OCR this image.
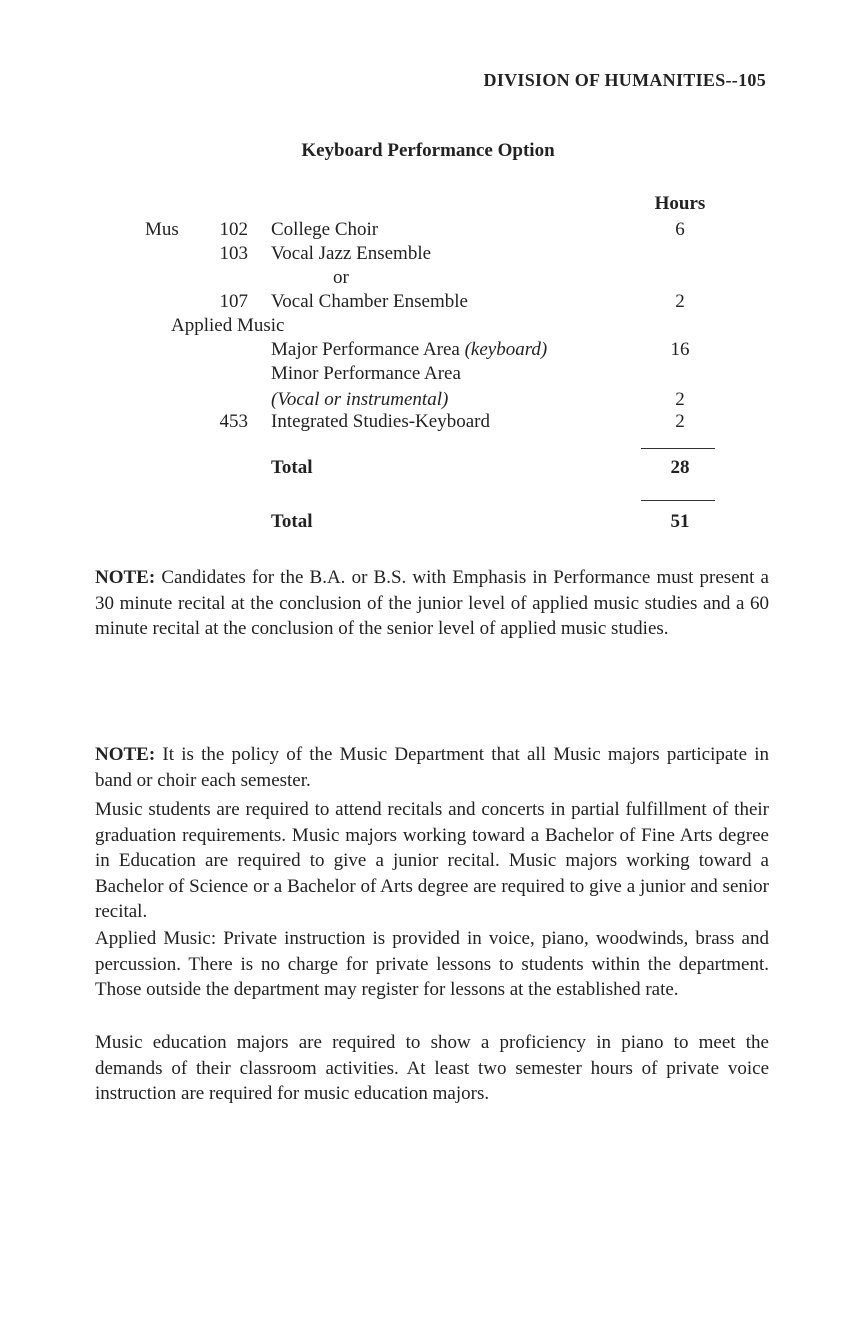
DIVISION OF HUMANITIES--105
Keyboard Performance Option
Hours
Mus	102 College Choir	6
103 Vocal Jazz Ensemble
or
107 Vocal Chamber Ensemble	2
Applied Music
Major Performance Area (keyboard)	16
Minor Performance Area
(Vocal or instrumental)	2
453 Integrated Studies-Keyboard	2
Total	28
Total	51
NOTE: Candidates for the B.A. or B.S. with Emphasis in Performance must present a 30 minute recital at the conclusion of the junior level of applied music studies and a 60 minute recital at the conclusion of the senior level of applied music studies.
NOTE: It is the policy of the Music Department that all Music majors participate in band or choir each semester.
Music students are required to attend recitals and concerts in partial fulfillment of their graduation requirements. Music majors working toward a Bachelor of Fine Arts degree in Education are required to give a junior recital. Music majors working toward a Bachelor of Science or a Bachelor of Arts degree are required to give a junior and senior recital.
Applied Music: Private instruction is provided in voice, piano, woodwinds, brass and percussion. There is no charge for private lessons to students within the department. Those outside the department may register for lessons at the established rate.
Music education majors are required to show a proficiency in piano to meet the demands of their classroom activities. At least two semester hours of private voice instruction are required for music education majors.
